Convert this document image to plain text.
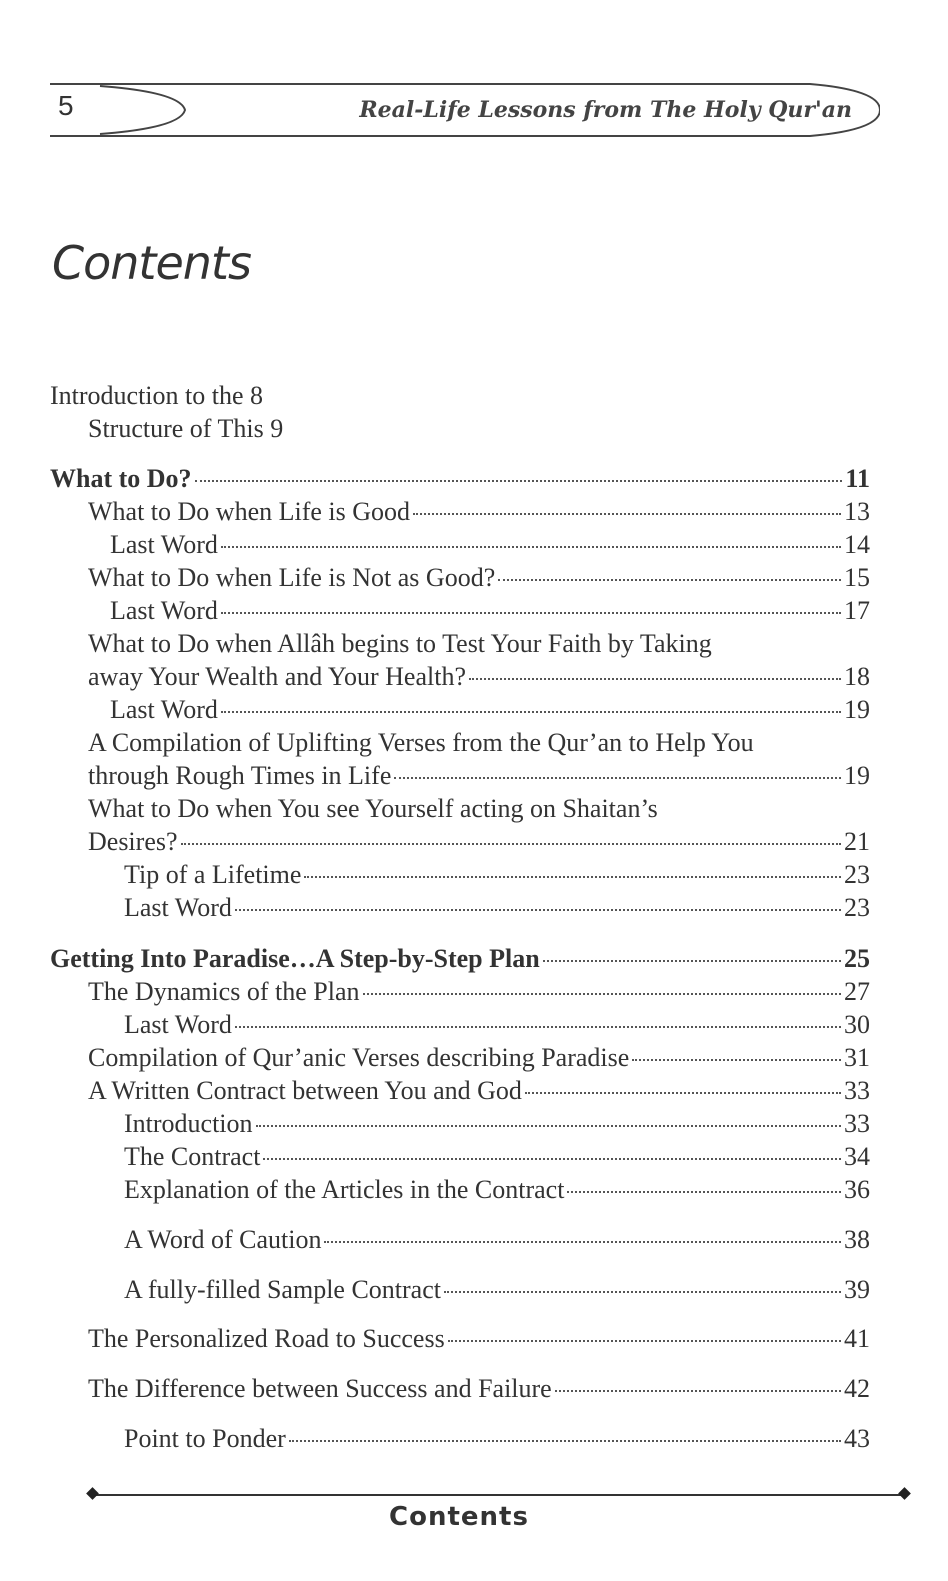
5	Real-Life Lessons from The Holy Qur'an
Contents
Introduction to the 8
Structure of This 9
What to Do?	11
What to Do when Life is Good	13
Last Word	14
What to Do when Life is Not as Good?	15
Last Word	17
What to Do when Allâh begins to Test Your Faith by Taking
away Your Wealth and Your Health?	18
Last Word	19
A Compilation of Uplifting Verses from the Qur’an to Help You
through Rough Times in Life	19
What to Do when You see Yourself acting on Shaitan’s
Desires?	21
Tip of a Lifetime	23
Last Word	23
Getting Into Paradise…A Step-by-Step Plan	25
The Dynamics of the Plan	27
Last Word	30
Compilation of Qur’anic Verses describing Paradise	31
A Written Contract between You and God	33
Introduction	33
The Contract	34
Explanation of the Articles in the Contract	36
A Word of Caution	38
A fully-filled Sample Contract	39
The Personalized Road to Success	41
The Difference between Success and Failure	42
Point to Ponder	43
Contents
